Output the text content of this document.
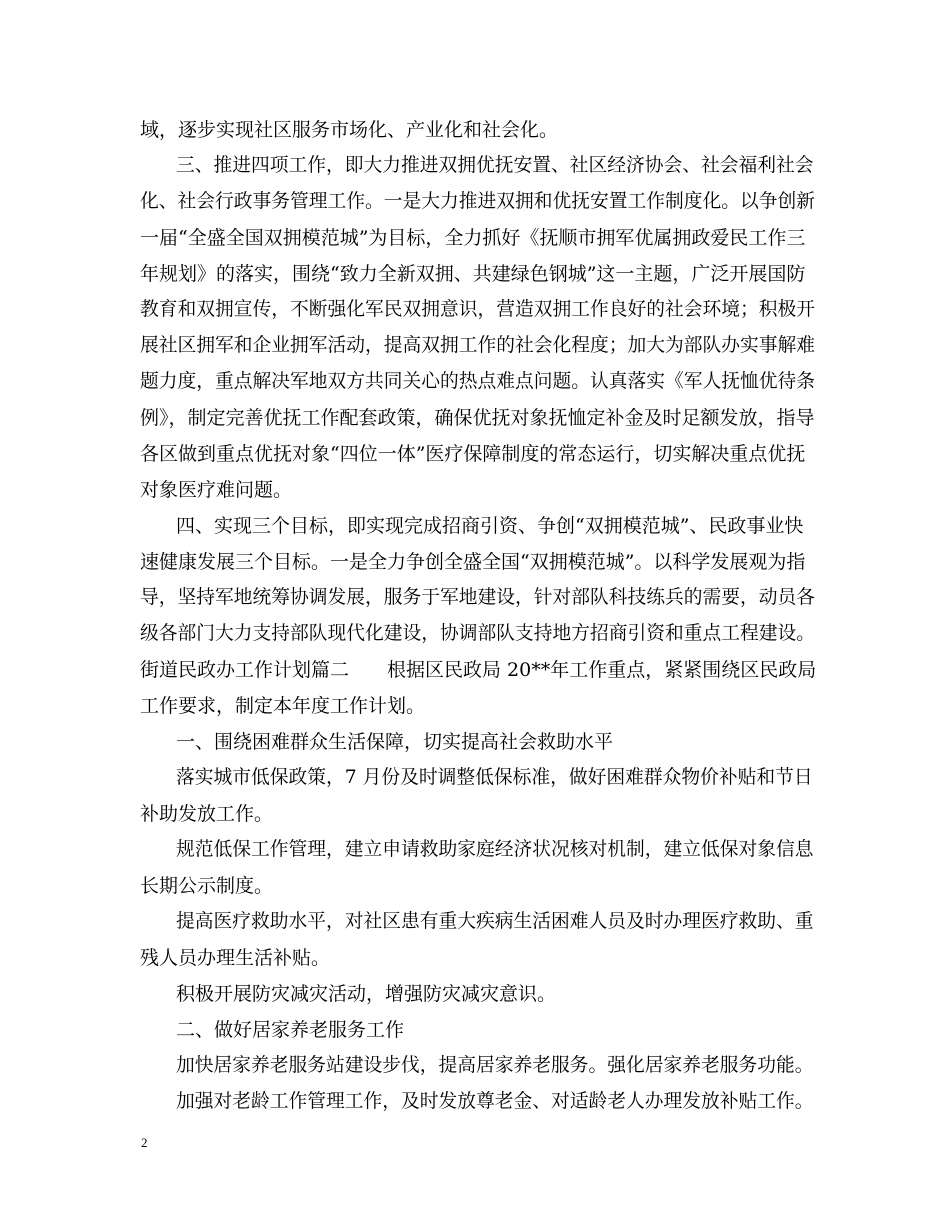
域，逐步实现社区服务市场化、产业化和社会化。
三、推进四项工作，即大力推进双拥优抚安置、社区经济协会、社会福利社会
化、社会行政事务管理工作。一是大力推进双拥和优抚安置工作制度化。以争创新
一届“全盛全国双拥模范城”为目标，全力抓好《抚顺市拥军优属拥政爱民工作三
年规划》的落实，围绕“致力全新双拥、共建绿色钢城”这一主题，广泛开展国防
教育和双拥宣传，不断强化军民双拥意识，营造双拥工作良好的社会环境；积极开
展社区拥军和企业拥军活动，提高双拥工作的社会化程度；加大为部队办实事解难
题力度，重点解决军地双方共同关心的热点难点问题。认真落实《军人抚恤优待条
例》，制定完善优抚工作配套政策，确保优抚对象抚恤定补金及时足额发放，指导
各区做到重点优抚对象“四位一体”医疗保障制度的常态运行，切实解决重点优抚
对象医疗难问题。
四、实现三个目标，即实现完成招商引资、争创“双拥模范城”、民政事业快
速健康发展三个目标。一是全力争创全盛全国“双拥模范城”。以科学发展观为指
导，坚持军地统筹协调发展，服务于军地建设，针对部队科技练兵的需要，动员各
级各部门大力支持部队现代化建设，协调部队支持地方招商引资和重点工程建设。
街道民政办工作计划篇二　　根据区民政局 20**年工作重点，紧紧围绕区民政局
工作要求，制定本年度工作计划。
一、围绕困难群众生活保障，切实提高社会救助水平
落实城市低保政策，7 月份及时调整低保标准，做好困难群众物价补贴和节日
补助发放工作。
规范低保工作管理，建立申请救助家庭经济状况核对机制，建立低保对象信息
长期公示制度。
提高医疗救助水平，对社区患有重大疾病生活困难人员及时办理医疗救助、重
残人员办理生活补贴。
积极开展防灾减灾活动，增强防灾减灾意识。
二、做好居家养老服务工作
加快居家养老服务站建设步伐，提高居家养老服务。强化居家养老服务功能。
加强对老龄工作管理工作，及时发放尊老金、对适龄老人办理发放补贴工作。
2
